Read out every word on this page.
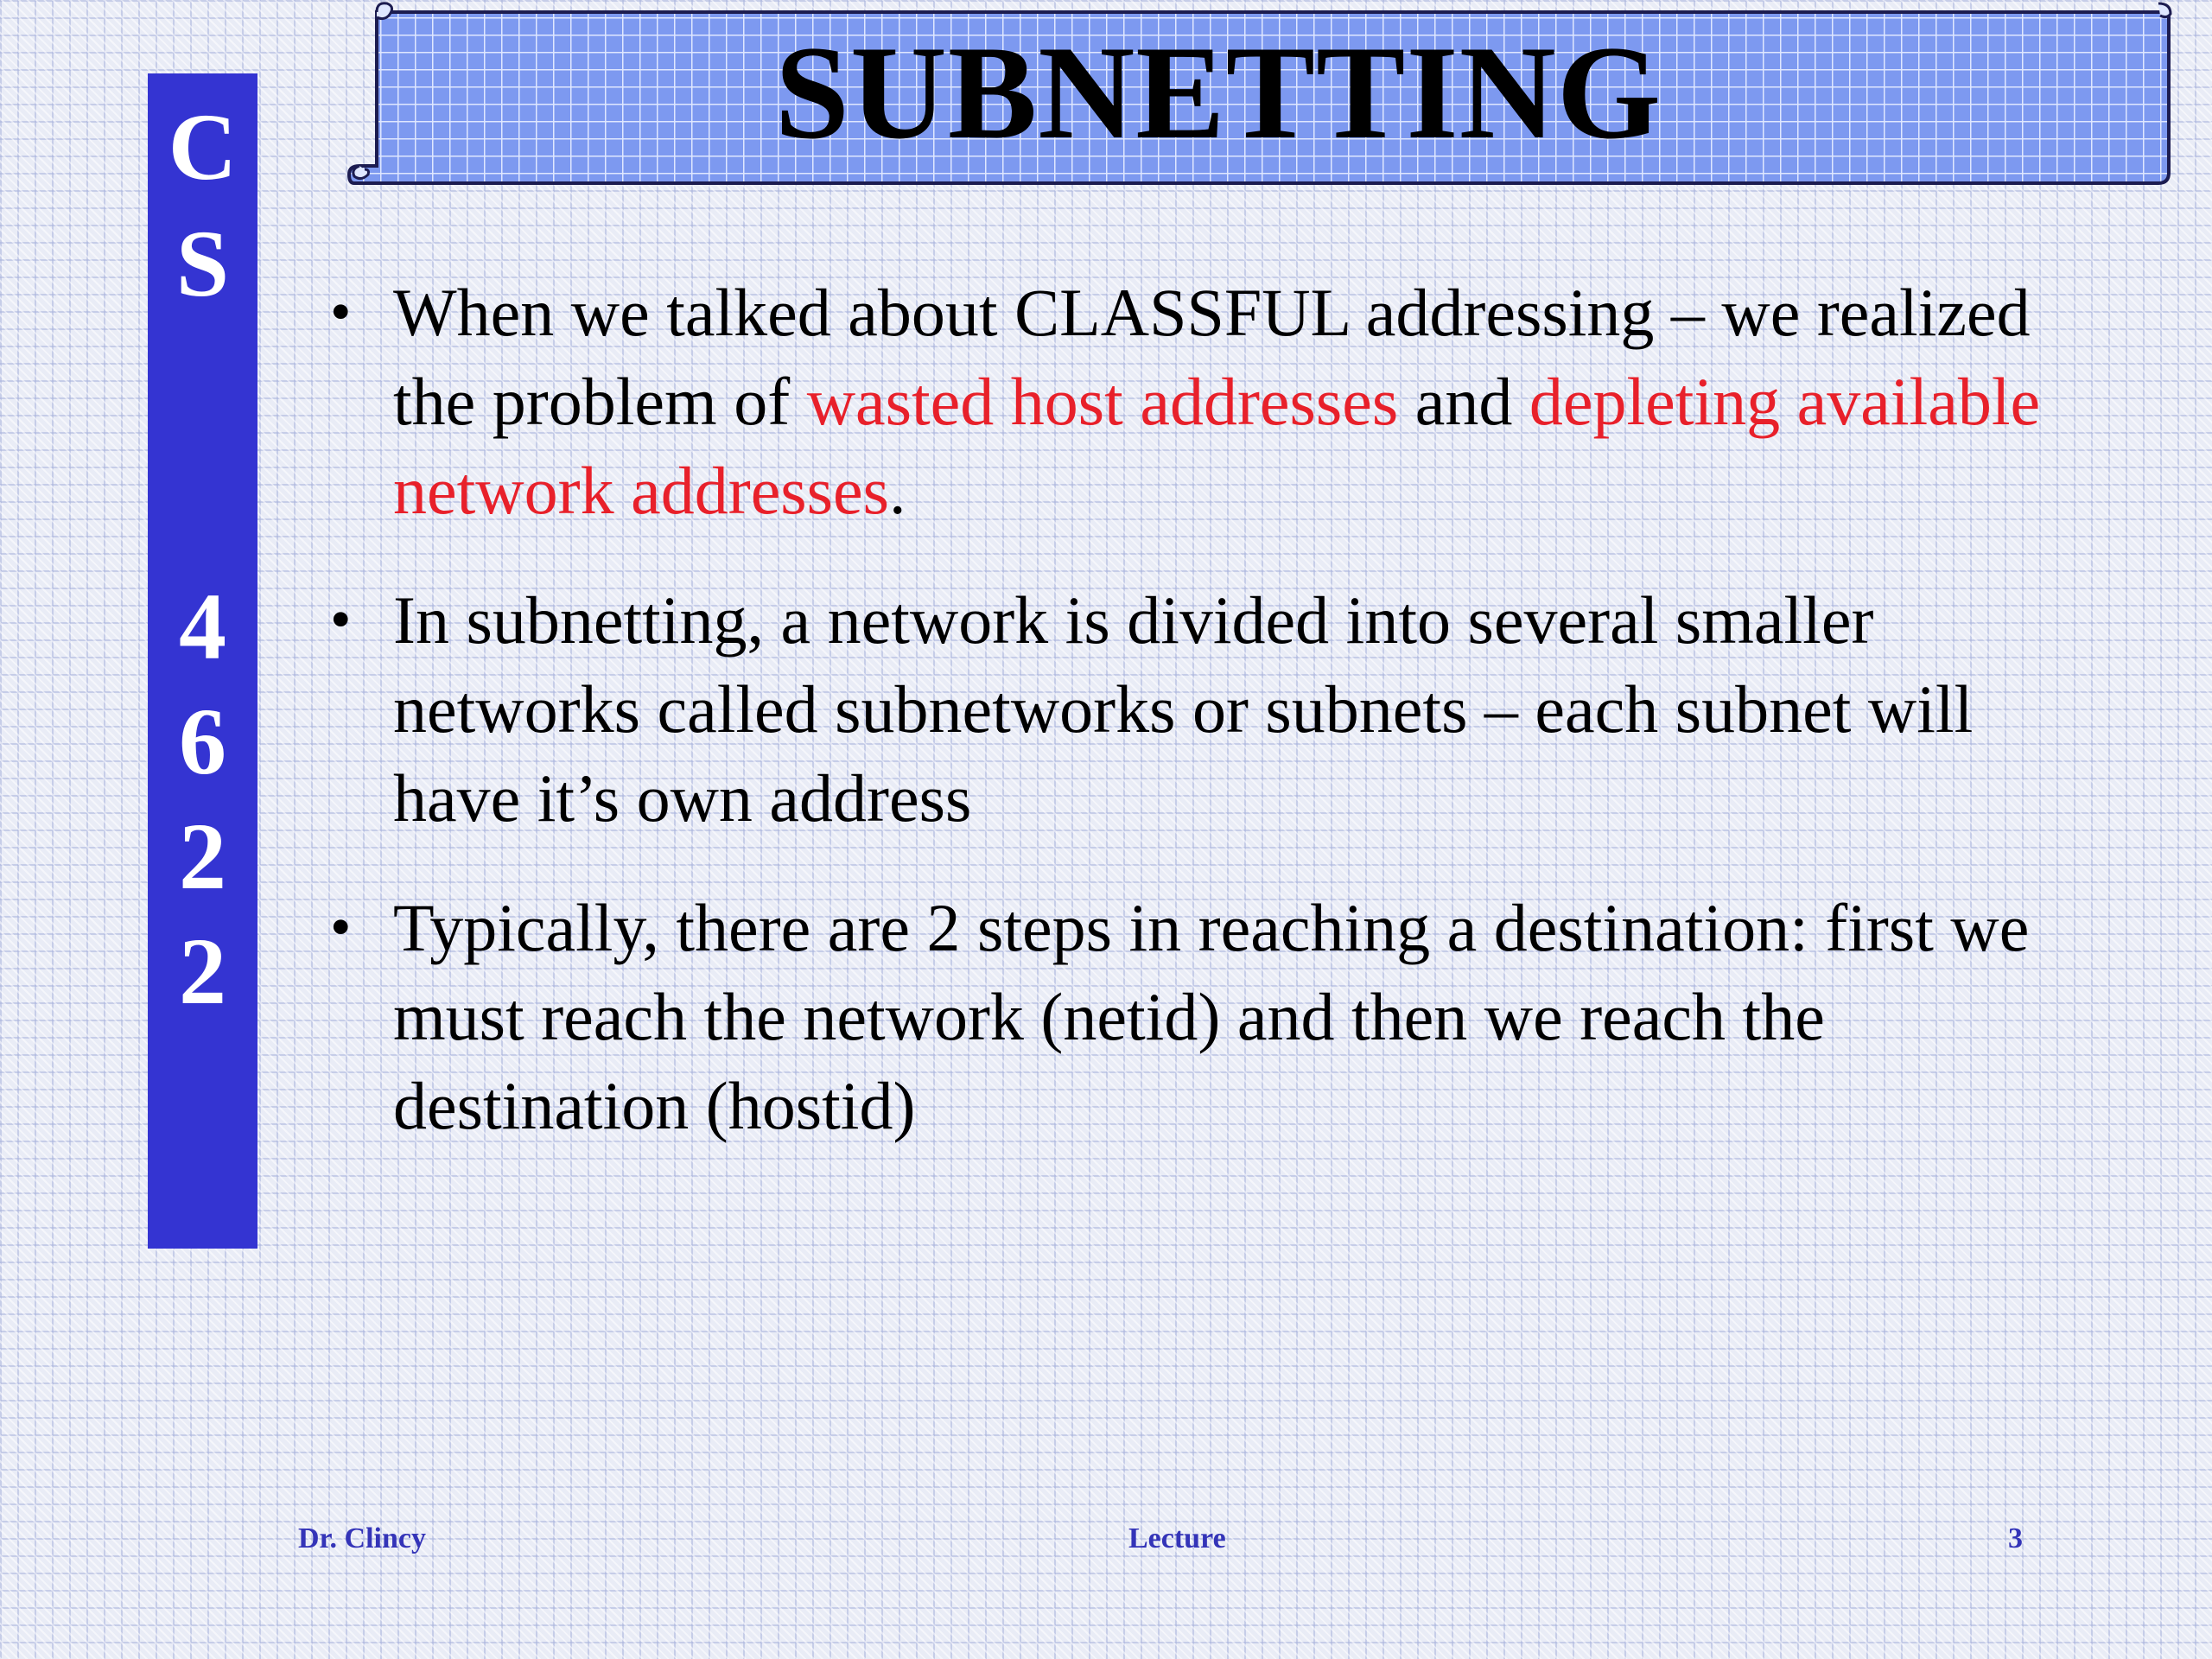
C
S
4
6
2
2
SUBNETTING
• When we talked about CLASSFUL addressing – we realized the problem of wasted host addresses and depleting available network addresses.
• In subnetting, a network is divided into several smaller networks called subnetworks or subnets – each subnet will have it’s own address
• Typically, there are 2 steps in reaching a destination: first we must reach the network (netid) and then we reach the destination (hostid)
Dr. Clincy	Lecture	3
